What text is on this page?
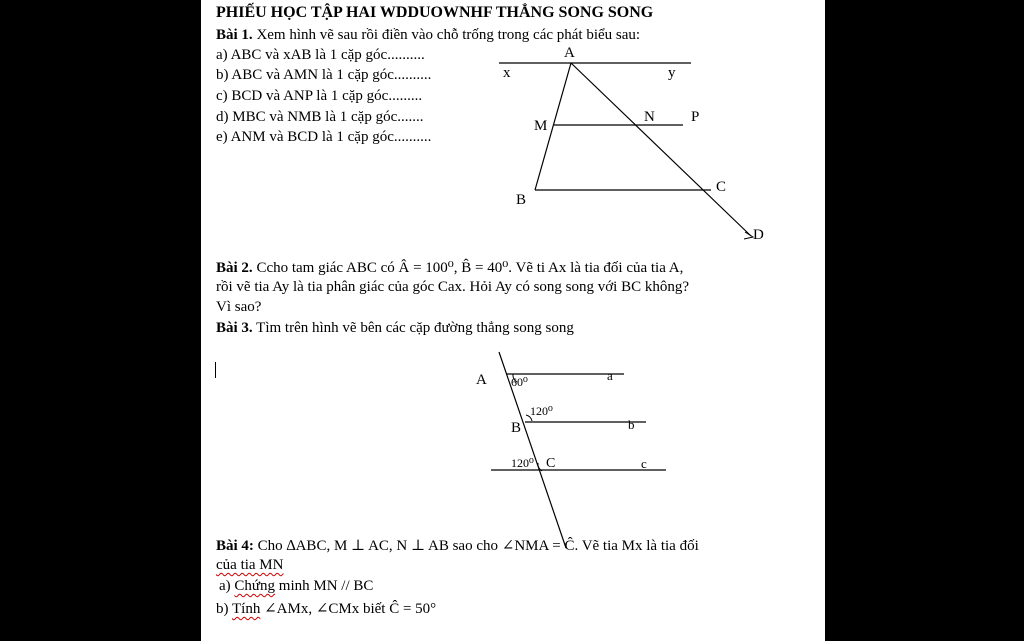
PHIẾU HỌC TẬP HAI WDDUOWNHF THẲNG SONG SONG
Bài 1. Xem hình vẽ sau rồi điền vào chỗ trống trong các phát biểu sau:
a) ABC và xAB là 1 cặp góc..........
b) ABC và AMN là 1 cặp góc..........
c) BCD và ANP là 1 cặp góc.........
d) MBC và NMB là 1 cặp góc.......
e) ANM và BCD là 1 cặp góc..........
A
x	y
M
N P
B
C
D
Bài 2. Ccho tam giác ABC có Â = 100⁰, B̂ = 40⁰. Vẽ ti Ax là tia đối của tia A,
rồi vẽ tia Ay là tia phân giác của góc Cax. Hỏi Ay có song song với BC không?
Vì sao?
Bài 3. Tìm trên hình vẽ bên các cặp đường thẳng song song
A 60⁰	a
120⁰
B	b
120⁰ C	c
Bài 4: Cho ∆ABC, M ⊥ AC, N ⊥ AB sao cho ∠NMA = Ĉ. Vẽ tia Mx là tia đối
của tia MN
a) Chứng minh MN // BC
b) Tính ∠AMx, ∠CMx biết Ĉ = 50°
